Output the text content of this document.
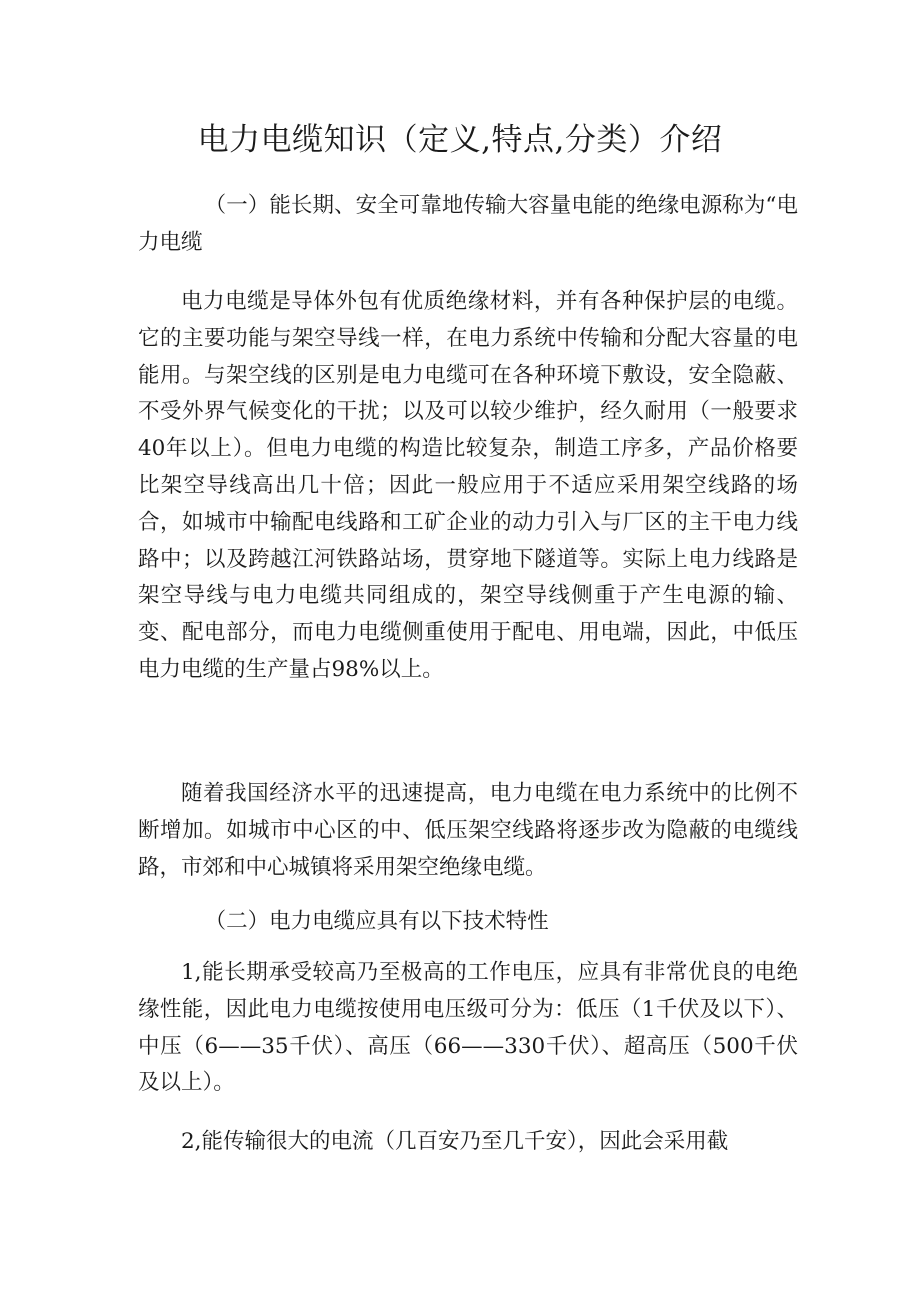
电力电缆知识（定义,特点,分类）介绍

（一）能长期、安全可靠地传输大容量电能的绝缘电源称为“电力电缆

电力电缆是导体外包有优质绝缘材料，并有各种保护层的电缆。它的主要功能与架空导线一样，在电力系统中传输和分配大容量的电能用。与架空线的区别是电力电缆可在各种环境下敷设，安全隐蔽、不受外界气候变化的干扰；以及可以较少维护，经久耐用（一般要求40年以上）。但电力电缆的构造比较复杂，制造工序多，产品价格要比架空导线高出几十倍；因此一般应用于不适应采用架空线路的场合，如城市中输配电线路和工矿企业的动力引入与厂区的主干电力线路中；以及跨越江河铁路站场，贯穿地下隧道等。实际上电力线路是架空导线与电力电缆共同组成的，架空导线侧重于产生电源的输、变、配电部分，而电力电缆侧重使用于配电、用电端，因此，中低压电力电缆的生产量占98%以上。

随着我国经济水平的迅速提高，电力电缆在电力系统中的比例不断增加。如城市中心区的中、低压架空线路将逐步改为隐蔽的电缆线路，市郊和中心城镇将采用架空绝缘电缆。

（二）电力电缆应具有以下技术特性

1,能长期承受较高乃至极高的工作电压，应具有非常优良的电绝缘性能，因此电力电缆按使用电压级可分为：低压（1千伏及以下）、中压（6——35千伏）、高压（66——330千伏）、超高压（500千伏及以上）。

2,能传输很大的电流（几百安乃至几千安），因此会采用截
